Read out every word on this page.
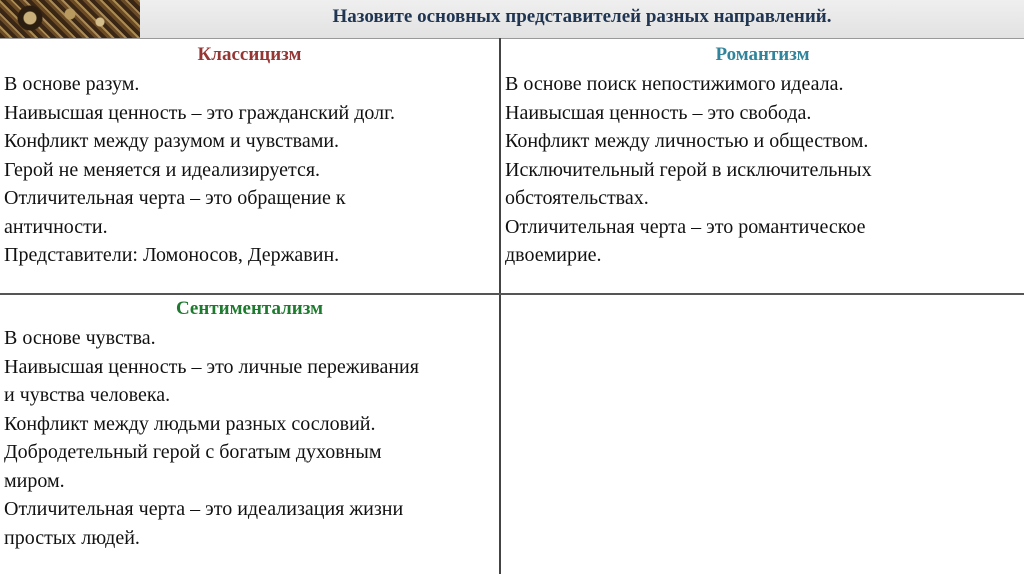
Назовите основных представителей разных направлений.
Классицизм
В основе разум.
Наивысшая ценность – это гражданский долг.
Конфликт между разумом и чувствами.
Герой не меняется и идеализируется.
Отличительная черта – это обращение к
античности.
Представители: Ломоносов, Державин.
Романтизм
В основе поиск непостижимого идеала.
Наивысшая ценность – это свобода.
Конфликт между личностью и обществом.
Исключительный герой в исключительных
обстоятельствах.
Отличительная черта – это романтическое
двоемирие.
Сентиментализм
В основе чувства.
Наивысшая ценность – это личные переживания
и чувства человека.
Конфликт между людьми разных сословий.
Добродетельный герой с богатым духовным
миром.
Отличительная черта – это идеализация жизни
простых людей.
